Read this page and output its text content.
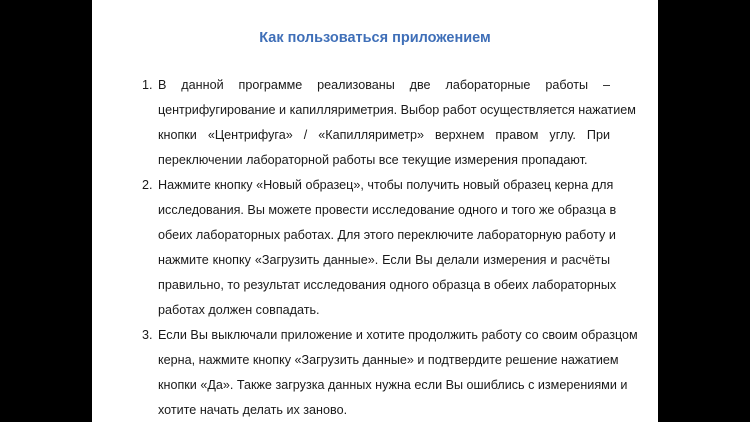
Как пользоваться приложением
1. В данной программе реализованы две лабораторные работы –
центрифугирование и капилляриметрия. Выбор работ осуществляется нажатием
кнопки «Центрифуга» / «Капилляриметр» верхнем правом углу. При
переключении лабораторной работы все текущие измерения пропадают.
2. Нажмите кнопку «Новый образец», чтобы получить новый образец керна для
исследования. Вы можете провести исследование одного и того же образца в
обеих лабораторных работах. Для этого переключите лабораторную работу и
нажмите кнопку «Загрузить данные». Если Вы делали измерения и расчёты
правильно, то результат исследования одного образца в обеих лабораторных
работах должен совпадать.
3. Если Вы выключали приложение и хотите продолжить работу со своим образцом
керна, нажмите кнопку «Загрузить данные» и подтвердите решение нажатием
кнопки «Да». Также загрузка данных нужна если Вы ошиблись с измерениями и
хотите начать делать их заново.
